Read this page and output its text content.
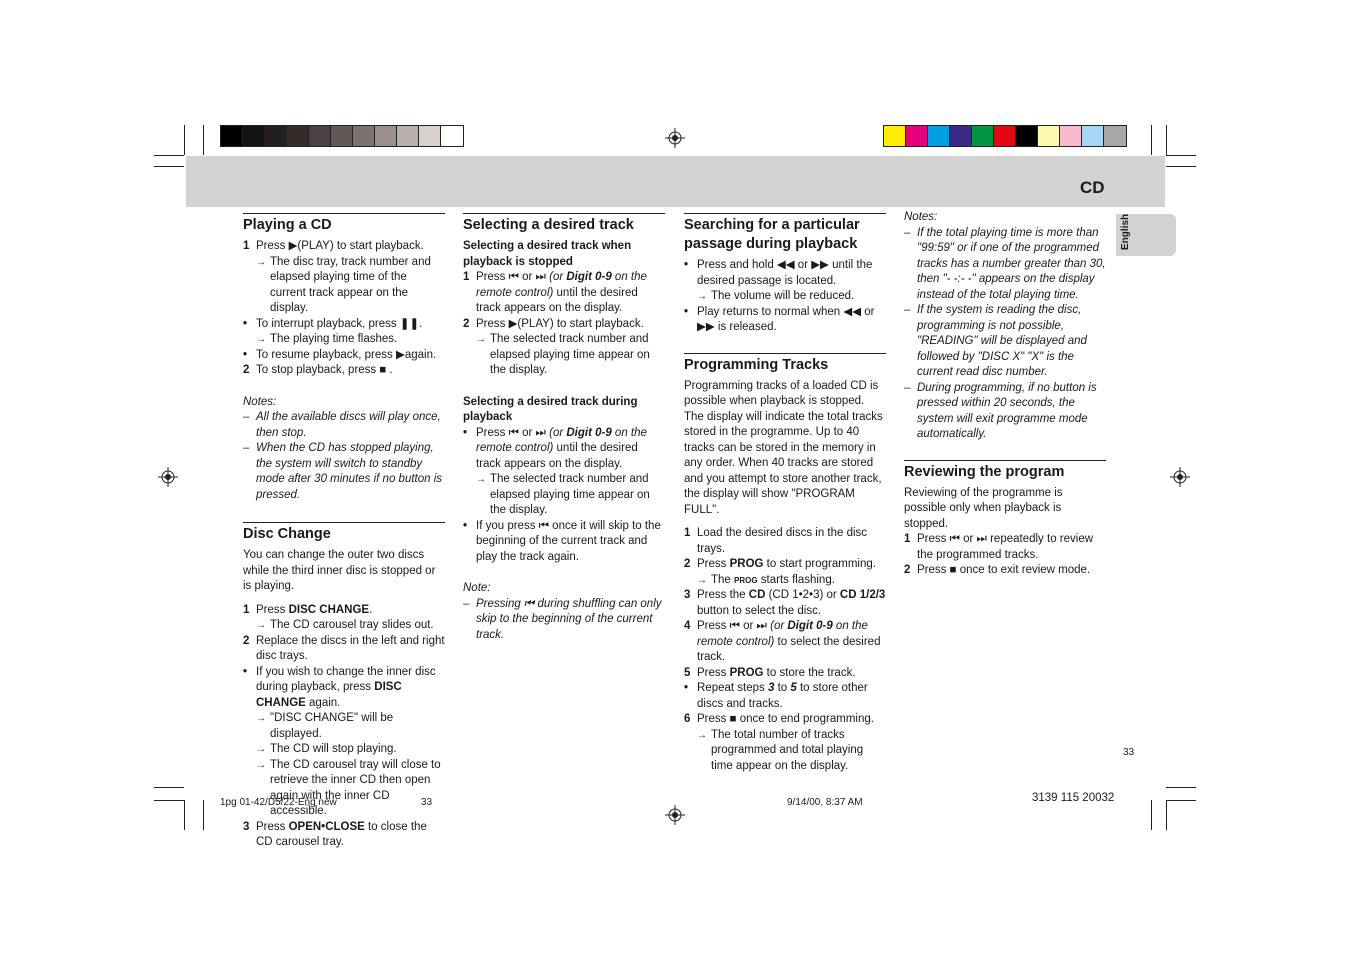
CD
English
Playing a CD
1 Press ▶(PLAY) to start playback.
→ The disc tray, track number and elapsed playing time of the current track appear on the display.
• To interrupt playback, press ❚❚.
→ The playing time flashes.
• To resume playback, press ▶again.
2 To stop playback, press ■ .
Notes:
– All the available discs will play once, then stop.
– When the CD has stopped playing, the system will switch to standby mode after 30 minutes if no button is pressed.
Disc Change

You can change the outer two discs while the third inner disc is stopped or is playing.

1 Press DISC CHANGE.
→ The CD carousel tray slides out.
2 Replace the discs in the left and right disc trays.
• If you wish to change the inner disc during playback, press DISC CHANGE again.
→ "DISC CHANGE" will be displayed.
→ The CD will stop playing.
→ The CD carousel tray will close to retrieve the inner CD then open again with the inner CD accessible.
3 Press OPEN•CLOSE to close the CD carousel tray.
Selecting a desired track
Selecting a desired track when playback is stopped
1 Press ⏮ or ⏭ (or Digit 0-9 on the remote control) until the desired track appears on the display.
2 Press ▶(PLAY) to start playback.
→ The selected track number and elapsed playing time appear on the display.
Selecting a desired track during playback
• Press ⏮ or ⏭ (or Digit 0-9 on the remote control) until the desired track appears on the display.
→ The selected track number and elapsed playing time appear on the display.
• If you press ⏮ once it will skip to the beginning of the current track and play the track again.
Note:
– Pressing ⏮ during shuffling can only skip to the beginning of the current track.
Searching for a particular passage during playback
• Press and hold ◀◀ or ▶▶ until the desired passage is located.
→ The volume will be reduced.
• Play returns to normal when ◀◀ or ▶▶ is released.
Programming Tracks

Programming tracks of a loaded CD is possible when playback is stopped. The display will indicate the total tracks stored in the programme. Up to 40 tracks can be stored in the memory in any order. When 40 tracks are stored and you attempt to store another track, the display will show "PROGRAM FULL".

1 Load the desired discs in the disc trays.
2 Press PROG to start programming.
→ The PROG starts flashing.
3 Press the CD (CD 1•2•3) or CD 1/2/3 button to select the disc.
4 Press ⏮ or ⏭ (or Digit 0-9 on the remote control) to select the desired track.
5 Press PROG to store the track.
• Repeat steps 3 to 5 to store other discs and tracks.
6 Press ■ once to end programming.
→ The total number of tracks programmed and total playing time appear on the display.
Notes:
– If the total playing time is more than "99:59" or if one of the programmed tracks has a number greater than 30, then "- -:- -" appears on the display instead of the total playing time.
– If the system is reading the disc, programming is not possible, "READING" will be displayed and followed by "DISC X" "X" is the current read disc number.
– During programming, if no button is pressed within 20 seconds, the system will exit programme mode automatically.
Reviewing the program

Reviewing of the programme is possible only when playback is stopped.

1 Press ⏮ or ⏭ repeatedly to review the programmed tracks.
2 Press ■ once to exit review mode.
33
1pg 01-42/D5/22-Eng new	33	9/14/00, 8:37 AM	3139 115 20032
